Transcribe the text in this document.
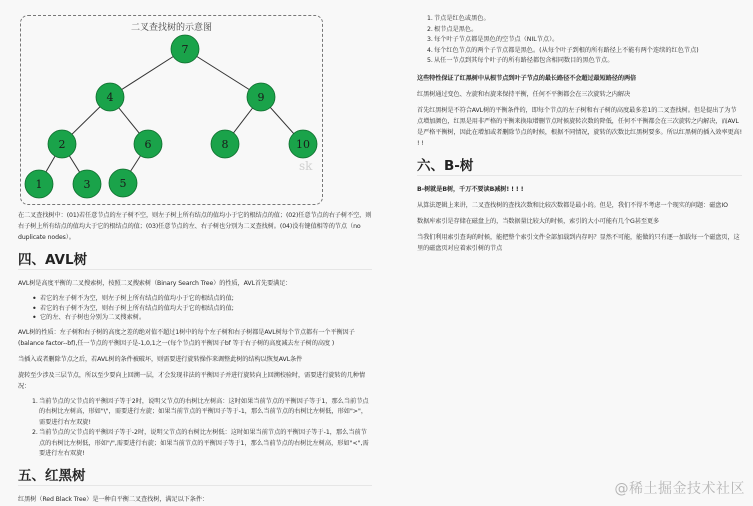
二叉查找树的示意图
7
4	9
2	6	8	10
1	3	5
sk

在二叉查找树中：(01)若任意节点的左子树不空，则左子树上所有结点的值均小于它的根结点的值；(02)任意节点的右子树不空，则右子树上所有结点的值均大于它的根结点的值；(03)任意节点的左、右子树也分别为二叉查找树。(04)没有键值相等的节点（no duplicate nodes）。

四、AVL树

AVL树是高度平衡的二叉搜索树，按照二叉搜索树（Binary Search Tree）的性质，AVL首先要满足：

• 若它的左子树不为空，则左子树上所有结点的值均小于它的根结点的值;
• 若它的右子树不为空，则右子树上所有结点的值均大于它的根结点的值;
• 它的左、右子树也分别为二叉搜索树。

AVL树的性质：左子树和右子树的高度之差的绝对值不超过1树中的每个左子树和右子树都是AVL树每个节点都有一个平衡因子(balance factor--bf),任一节点的平衡因子是-1,0,1之一(每个节点的平衡因子bf 等于右子树的高度减去左子树的高度 )

当插入或者删除节点之后，若AVL树的条件被破坏，则需要进行旋转操作来调整此树的结构以恢复AVL条件

旋转至少涉及三层节点，所以至少要向上回溯一层，才会发现非法的平衡因子并进行旋转向上回溯校验时，需要进行旋转的几种情况：

1. 当前节点的父节点的平衡因子等于2时，说明父节点的右树比左树高：这时如果当前节点的平衡因子等于1，那么当前节点的右树比左树高，形如"\"，需要进行左旋；如果当前节点的平衡因子等于-1，那么当前节点的右树比左树低，形如">"，需要进行右左双旋!
2. 当前节点的父节点的平衡因子等于-2时，说明父节点的右树比左树低：这时如果当前节点的平衡因子等于-1，那么当前节点的右树比左树低，形如"/",需要进行右旋；如果当前节点的平衡因子等于1，那么当前节点的右树比左树高，形如"<",需要进行左右双旋!
五、红黑树

红黑树（Red Black Tree）是一种自平衡二叉查找树，满足以下条件：

1. 节点是红色或黑色。
2. 根节点是黑色。
3. 每个叶子节点都是黑色的空节点（NIL节点）。
4. 每个红色节点的两个子节点都是黑色。(从每个叶子到根的所有路径上不能有两个连续的红色节点)
5. 从任一节点到其每个叶子的所有路径都包含相同数目的黑色节点。

这些特性保证了红黑树中从根节点到叶子节点的最长路径不会超过最短路径的两倍

红黑树通过变色、左旋和右旋来保持平衡，任何不平衡都会在三次旋转之内解决

首先红黑树是不符合AVL树的平衡条件的，即每个节点的左子树和右子树的高度最多差1的二叉查找树。但是提出了为节点增加颜色，红黑是用非严格的平衡来换取增删节点时候旋转次数的降低，任何不平衡都会在三次旋转之内解决，而AVL是严格平衡树，因此在增加或者删除节点的时候，根据不同情况，旋转的次数比红黑树要多。所以红黑树的插入效率更高! ! !

六、B-树

B-树就是B树，千万不要读B减树! ! ! !

从算法逻辑上来讲，二叉查找树的查找次数和比较次数都是最小的。但是，我们不得不考虑一个现实的问题：磁盘IO

数据库索引是存储在磁盘上的，当数据量比较大的时候，索引的大小可能有几个G甚至更多

当我们利用索引查询的时候，能把整个索引文件全部加载到内存吗？显然不可能，能做的只有逐一加载每一个磁盘页，这里的磁盘页对应着索引树的节点

@稀土掘金技术社区
